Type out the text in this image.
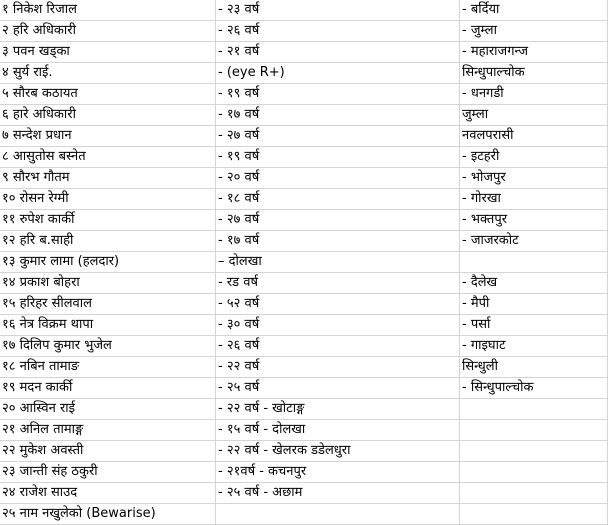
१ निकेश रिजाल	- २३ वर्ष	- बर्दिया
२ हरि अधिकारी	- २६ वर्ष	- जुम्ला
३ पवन खड्का	- २१ वर्ष	- महाराजगन्ज
४ सुर्य राई.	- (eye R+)	सिन्धुपाल्चोक
५ सौरब कठायत	- १९ वर्ष	- धनगडी
६ हारे अधिकारी	- १७ वर्ष	जुम्ला
७ सन्देश प्रधान	- २७ वर्ष	नवलपरासी
८ आसुतोस बस्नेत	- १९ वर्ष	- इटहरी
९ सौरभ गौतम	- २० वर्ष	- भोजपुर
१० रोसन रेग्मी	- १८ वर्ष	- गोरखा
११ रुपेश कार्की	- २७ वर्ष	- भक्तपुर
१२ हरि ब.साही	- १७ वर्ष	- जाजरकोट
१३ कुमार लामा (हलदार)	– दोलखा	
१४ प्रकाश बोहरा	- रड वर्ष	- दैलेख
१५ हरिहर सीलवाल	- ५२ वर्ष	- मैपी
१६ नेत्र विक्रम थापा	- ३० वर्ष	- पर्सा
१७ दिलिप कुमार भुजेल	- २६ वर्ष	- गाइघाट
१८ नबिन तामाङ	- २२ वर्ष	सिन्धुली
१९ मदन कार्की	- २५ वर्ष	- सिन्धुपाल्चोक
२० आस्विन राई	- २२ वर्ष - खोटाङ्ग	
२१ अनिल तामाङ्ग	- १५ वर्ष - दोलखा	
२२ मुकेश अवस्ती	- २२ वर्ष - खेलरक डडेलधुरा	
२३ जान्ती संह ठकुरी	- २१वर्ष - कचनपुर	
२४ राजेश साउद	- २५ वर्ष - अछाम	
२५ नाम नखुलेको (Bewarise)		
